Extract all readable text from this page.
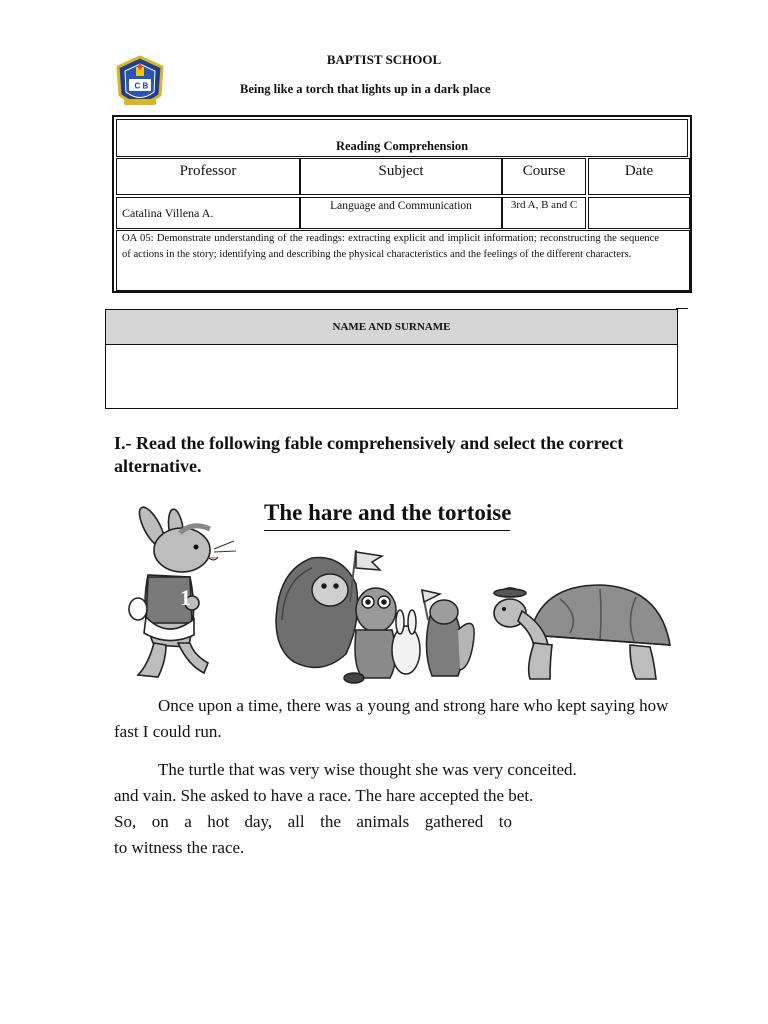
C B
BAPTIST SCHOOL
Being like a torch that lights up in a dark place
Reading Comprehension
Professor	Subject	Course	Date
Catalina Villena A.	Language and Communication	3rd A, B and C
OA 05: Demonstrate understanding of the readings: extracting explicit and implicit information; reconstructing the sequence of actions in the story; identifying and describing the physical characteristics and the feelings of the different characters.
NAME AND SURNAME
I.- Read the following fable comprehensively and select the correct alternative.
The hare and the tortoise
1
Once upon a time, there was a young and strong hare who kept saying how fast I could run.
The turtle that was very wise thought she was very conceited.
and vain. She asked to have a race. The hare accepted the bet.
So, on a hot day, all the animals gathered to
to witness the race.
